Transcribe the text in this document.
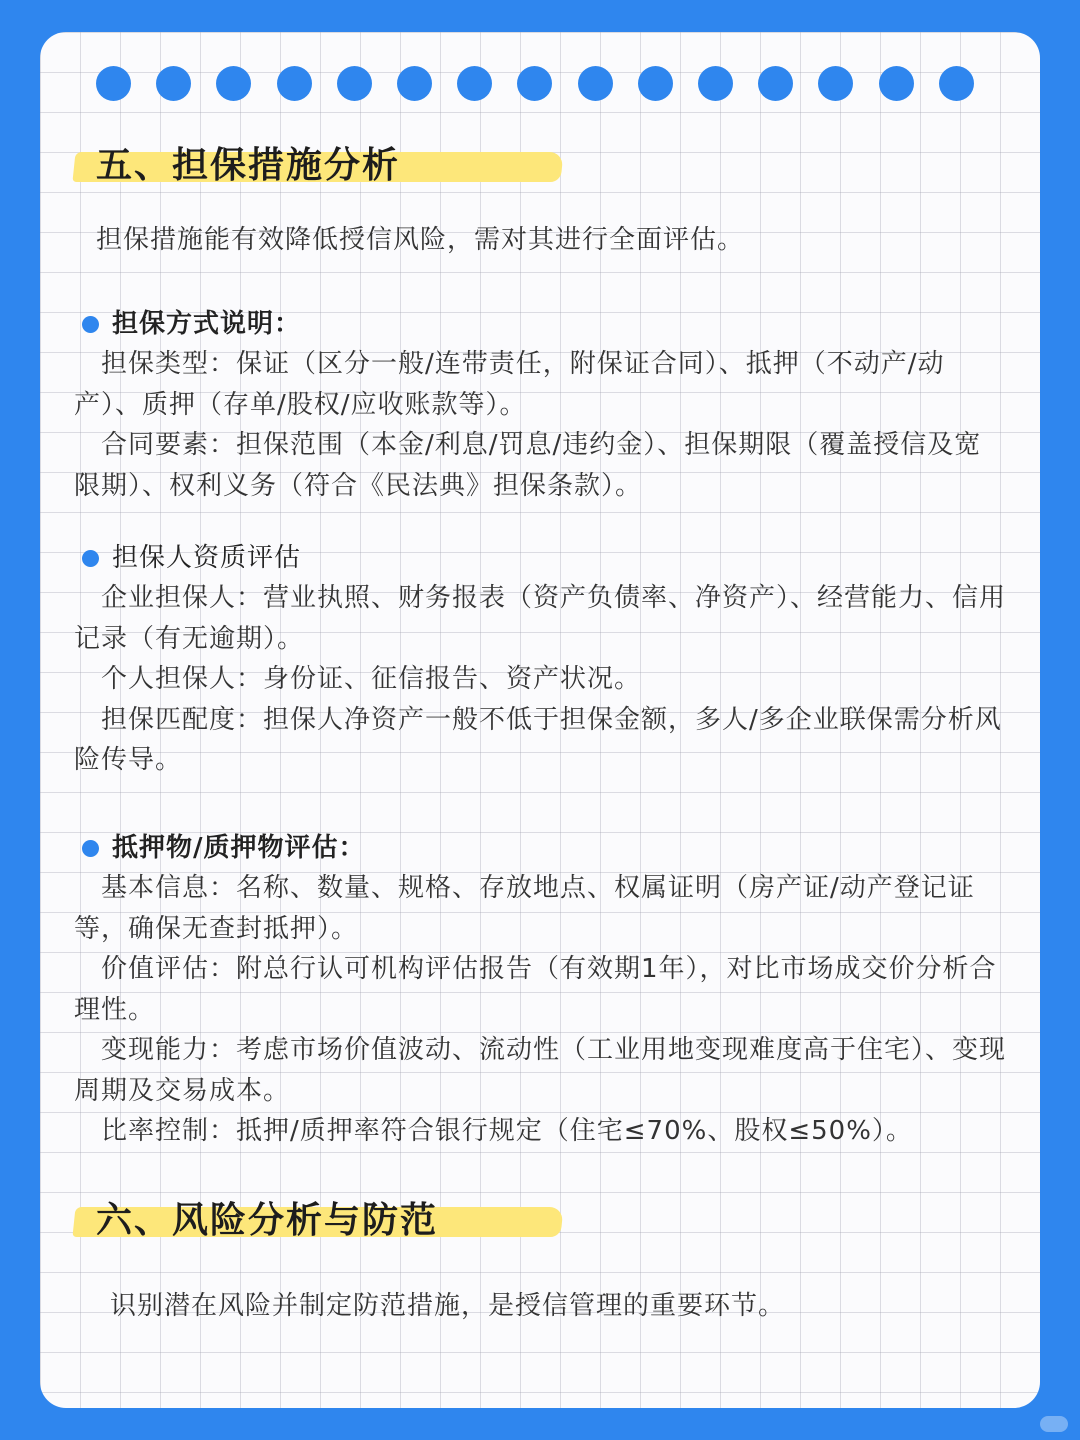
五、担保措施分析
担保措施能有效降低授信风险，需对其进行全面评估。
担保方式说明：

　担保类型：保证（区分一般/连带责任，附保证合同）、抵押（不动产/动产）、质押（存单/股权/应收账款等）。

　合同要素：担保范围（本金/利息/罚息/违约金）、担保期限（覆盖授信及宽限期）、权利义务（符合《民法典》担保条款）。

担保人资质评估

　企业担保人：营业执照、财务报表（资产负债率、净资产）、经营能力、信用记录（有无逾期）。

　个人担保人：身份证、征信报告、资产状况。

　担保匹配度：担保人净资产一般不低于担保金额，多人/多企业联保需分析风险传导。

抵押物/质押物评估：

　基本信息：名称、数量、规格、存放地点、权属证明（房产证/动产登记证等，确保无查封抵押）。

　价值评估：附总行认可机构评估报告（有效期1年），对比市场成交价分析合理性。

　变现能力：考虑市场价值波动、流动性（工业用地变现难度高于住宅）、变现周期及交易成本。

　比率控制：抵押/质押率符合银行规定（住宅≤70%、股权≤50%）。

六、风险分析与防范
识别潜在风险并制定防范措施，是授信管理的重要环节。
